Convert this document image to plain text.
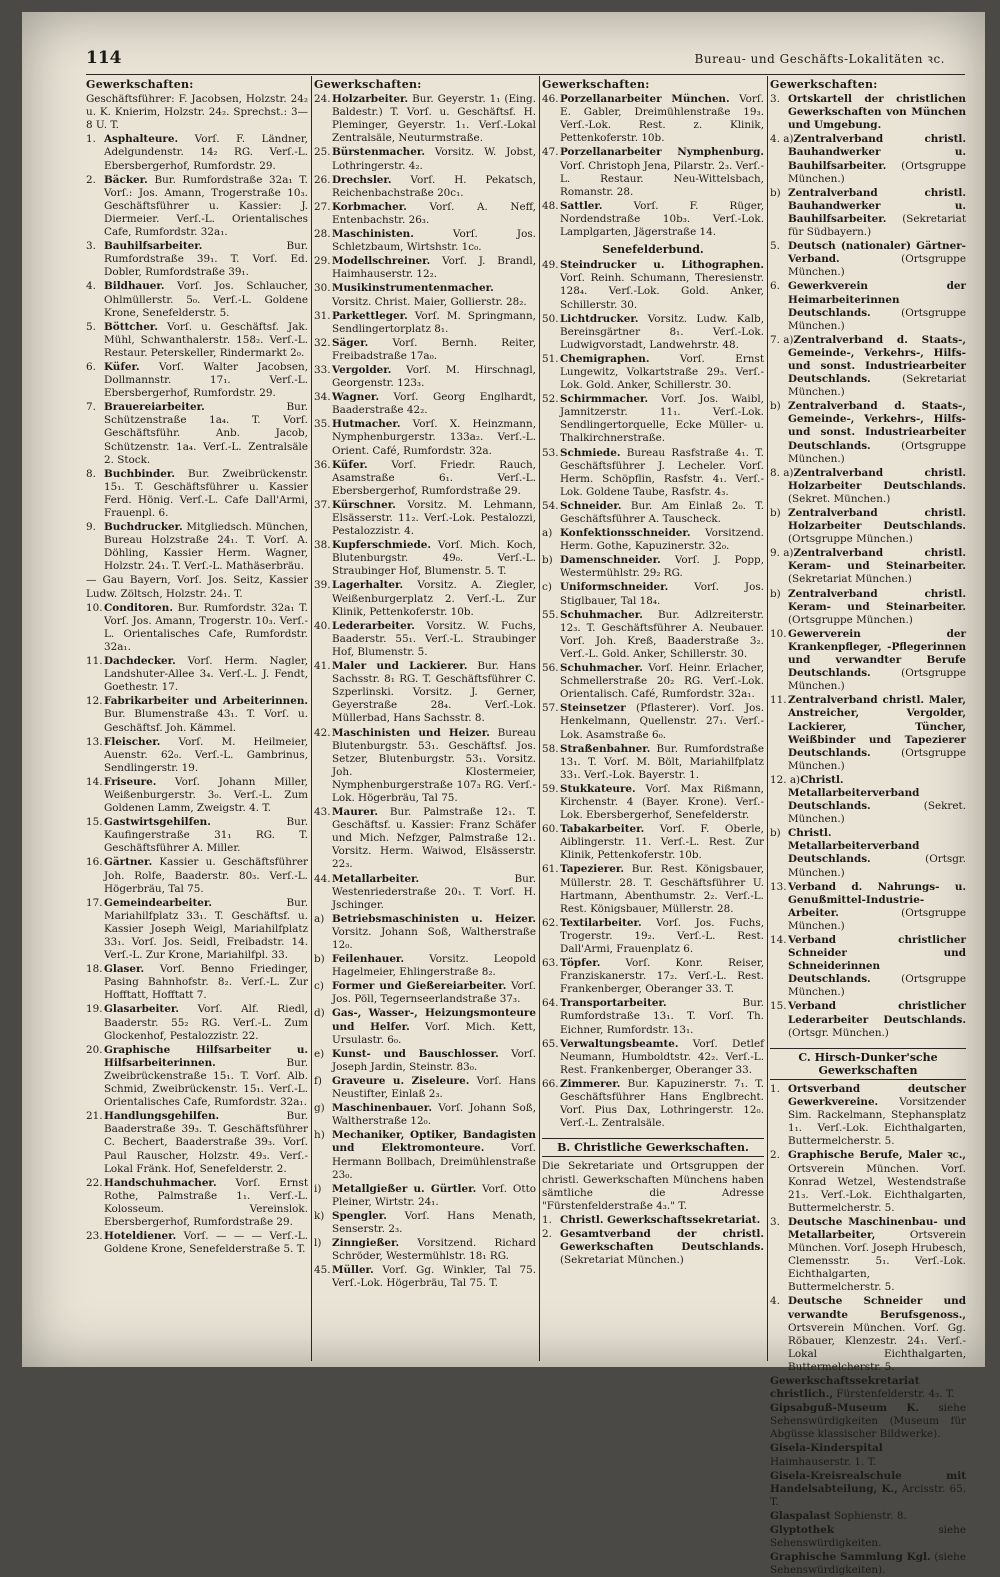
114	Bureau- und Geschäfts-Lokalitäten ꝛc.
Gewerkschaften:
Geschäftsführer: F. Jacobsen, Holzstr. 24₂ u. K. Knierim, Holzstr. 24₂. Sprechst.: 3—8 U. T.
1. Asphalteure. Vorſ. F. Ländner, Adelgundenstr. 14₂ RG. Verſ.-L. Ebersbergerhof, Rumfordstr. 29.
2. Bäcker. Bur. Rumfordstraße 32a₁ T. Vorſ.: Jos. Amann, Trogerstraße 10₃. Geschäftsführer u. Kassier: J. Diermeier. Verſ.-L. Orientalisches Cafe, Rumfordstr. 32a₁.
3. Bauhilfsarbeiter. Bur. Rumfordstraße 39₁. T. Vorſ. Ed. Dobler, Rumfordstraße 39₁.
4. Bildhauer. Vorſ. Jos. Schlaucher, Ohlmüllerstr. 5₀. Verſ.-L. Goldene Krone, Senefelderstr. 5.
5. Böttcher. Vorſ. u. Geschäftsf. Jak. Mühl, Schwanthalerstr. 158₂. Verſ.-L. Restaur. Peterskeller, Rindermarkt 2₀.
6. Küfer. Vorſ. Walter Jacobsen, Dollmannstr. 17₁. Verſ.-L. Ebersbergerhof, Rumfordstr. 29.
7. Brauereiarbeiter. Bur. Schützenstraße 1a₄. T. Vorſ. Geschäftsführ. Anb. Jacob, Schützenstr. 1a₄. Verſ.-L. Zentralsäle 2. Stock.
8. Buchbinder. Bur. Zweibrückenstr. 15₁. T. Geschäftsführer u. Kassier Ferd. Hönig. Verſ.-L. Cafe Dall'Armi, Frauenpl. 6.
9. Buchdrucker. Mitgliedsch. München, Bureau Holzstraße 24₁. T. Vorſ. A. Döhling, Kassier Herm. Wagner, Holzstr. 24₁. T. Verſ.-L. Mathäserbräu.
— Gau Bayern, Vorſ. Jos. Seitz, Kassier Ludw. Zöltsch, Holzstr. 24₁. T.
10.Conditoren. Bur. Rumfordstr. 32a₁ T. Vorſ. Jos. Amann, Trogerstr. 10₃. Verſ.-L. Orientalisches Cafe, Rumfordstr. 32a₁.
11.Dachdecker. Vorſ. Herm. Nagler, Landshuter-Allee 3₄. Verſ.-L. J. Fendt, Goethestr. 17.
12.Fabrikarbeiter und Arbeiterinnen. Bur. Blumenstraße 43₁. T. Vorſ. u. Geschäftsf. Joh. Kämmel.
13.Fleischer. Vorſ. M. Heilmeier, Auenstr. 62₀. Verſ.-L. Gambrinus, Sendlingerstr. 19.
14.Friseure. Vorſ. Johann Miller, Weißenburgerstr. 3₀. Verſ.-L. Zum Goldenen Lamm, Zweigstr. 4. T.
15.Gastwirtsgehilfen. Bur. Kaufingerstraße 31₁ RG. T. Geschäftsführer A. Miller.
16.Gärtner. Kassier u. Geschäftsführer Joh. Rolfe, Baaderstr. 80₃. Verſ.-L. Högerbräu, Tal 75.
17.Gemeindearbeiter. Bur. Mariahilfplatz 33₁. T. Geschäftsf. u. Kassier Joseph Weigl, Mariahilfplatz 33₁. Vorſ. Jos. Seidl, Freibadstr. 14. Verſ.-L. Zur Krone, Mariahilfpl. 33.
18.Glaser. Vorſ. Benno Friedinger, Pasing Bahnhofstr. 8₂. Verſ.-L. Zur Hofftatt, Hofftatt 7.
19.Glasarbeiter. Vorſ. Alf. Riedl, Baaderstr. 55₂ RG. Verſ.-L. Zum Glockenhof, Pestalozzistr. 22.
20.Graphische Hilfsarbeiter u. Hilfsarbeiterinnen. Bur. Zweibrückenstraße 15₁. T. Vorſ. Alb. Schmid, Zweibrückenstr. 15₁. Verſ.-L. Orientalisches Cafe, Rumfordstr. 32a₁.
21.Handlungsgehilfen. Bur. Baaderstraße 39₃. T. Geschäftsführer C. Bechert, Baaderstraße 39₃. Vorſ. Paul Rauscher, Holzstr. 49₃. Verſ.-Lokal Fränk. Hof, Senefelderstr. 2.
22.Handschuhmacher. Vorſ. Ernst Rothe, Palmstraße 1₁. Verſ.-L. Kolosseum. Vereinslok. Ebersbergerhof, Rumfordstraße 29.
23.Hoteldiener. Vorſ. — — — Verſ.-L. Goldene Krone, Senefelderstraße 5. T.
Gewerkschaften:
24.Holzarbeiter. Bur. Geyerstr. 1₁ (Eing. Baldestr.) T. Vorſ. u. Geschäftsf. H. Pleminger, Geyerstr. 1₁. Verſ.-Lokal Zentralsäle, Neuturmstraße.
25.Bürstenmacher. Vorsitz. W. Jobst, Lothringerstr. 4₂.
26.Drechsler. Vorſ. H. Pekatsch, Reichenbachstraße 20c₁.
27.Korbmacher. Vorſ. A. Neff, Entenbachstr. 26₃.
28.Maschinisten. Vorſ. Jos. Schletzbaum, Wirtshstr. 1c₀.
29.Modellschreiner. Vorſ. J. Brandl, Haimhauserstr. 12₂.
30.Musikinstrumentenmacher. Vorsitz. Christ. Maier, Gollierstr. 28₂.
31.Parkettleger. Vorſ. M. Springmann, Sendlingertorplatz 8₁.
32.Säger. Vorſ. Bernh. Reiter, Freibadstraße 17a₀.
33.Vergolder. Vorſ. M. Hirschnagl, Georgenstr. 123₃.
34.Wagner. Vorſ. Georg Englhardt, Baaderstraße 42₂.
35.Hutmacher. Vorſ. X. Heinzmann, Nymphenburgerstr. 133a₂. Verſ.-L. Orient. Café, Rumfordstr. 32a.
36.Küfer. Vorſ. Friedr. Rauch, Asamstraße 6₁. Verſ.-L. Ebersbergerhof, Rumfordstraße 29.
37.Kürschner. Vorsitz. M. Lehmann, Elsässerstr. 11₂. Verſ.-Lok. Pestalozzi, Pestalozzistr. 4.
38.Kupferschmiede. Vorſ. Mich. Koch, Blutenburgstr. 49₀. Verſ.-L. Straubinger Hof, Blumenstr. 5. T.
39.Lagerhalter. Vorsitz. A. Ziegler, Weißenburgerplatz 2. Verſ.-L. Zur Klinik, Pettenkoferstr. 10b.
40.Lederarbeiter. Vorsitz. W. Fuchs, Baaderstr. 55₁. Verſ.-L. Straubinger Hof, Blumenstr. 5.
41.Maler und Lackierer. Bur. Hans Sachsstr. 8₁ RG. T. Geschäftsführer C. Szperlinski. Vorsitz. J. Gerner, Geyerstraße 28₄. Verſ.-Lok. Müllerbad, Hans Sachsstr. 8.
42.Maschinisten und Heizer. Bureau Blutenburgstr. 53₁. Geschäftsf. Jos. Setzer, Blutenburgstr. 53₁. Vorsitz. Joh. Klostermeier, Nymphenburgerstraße 107₃ RG. Verſ.-Lok. Högerbräu, Tal 75.
43.Maurer. Bur. Palmstraße 12₁. T. Geschäftsf. u. Kassier: Franz Schäfer und Mich. Nefzger, Palmstraße 12₁. Vorsitz. Herm. Waiwod, Elsässerstr. 22₃.
44.Metallarbeiter. Bur. Westenriederstraße 20₁. T. Vorſ. H. Jschinger.
a) Betriebsmaschinisten u. Heizer. Vorsitz. Johann Soß, Waltherstraße 12₀.
b) Feilenhauer. Vorsitz. Leopold Hagelmeier, Ehlingerstraße 8₂.
c) Former und Gießereiarbeiter. Vorſ. Jos. Pöll, Tegernseerlandstraße 37₃.
d) Gas-, Wasser-, Heizungsmonteure und Helfer. Vorſ. Mich. Kett, Ursulastr. 6₀.
e) Kunst- und Bauschlosser. Vorſ. Joseph Jardin, Steinstr. 83₀.
f) Graveure u. Ziseleure. Vorſ. Hans Neustifter, Einlaß 2₃.
g) Maschinenbauer. Vorſ. Johann Soß, Waltherstraße 12₀.
h) Mechaniker, Optiker, Bandagisten und Elektromonteure. Vorſ. Hermann Bollbach, Dreimühlenstraße 23₀.
i) Metallgießer u. Gürtler. Vorſ. Otto Pleiner, Wirtstr. 24₁.
k) Spengler. Vorſ. Hans Menath, Senserstr. 2₃.
l) Zinngießer. Vorsitzend. Richard Schröder, Westermühlstr. 18₁ RG.
45.Müller. Vorſ. Gg. Winkler, Tal 75. Verſ.-Lok. Högerbräu, Tal 75. T.
Gewerkschaften:
46.Porzellanarbeiter München. Vorſ. E. Gabler, Dreimühlenstraße 19₃. Verſ.-Lok. Rest. z. Klinik, Pettenkoferstr. 10b.
47.Porzellanarbeiter Nymphenburg. Vorſ. Christoph Jena, Pilarstr. 2₃. Verſ.-L. Restaur. Neu-Wittelsbach, Romanstr. 28.
48.Sattler. Vorſ. F. Rüger, Nordendstraße 10b₃. Verſ.-Lok. Lamplgarten, Jägerstraße 14.
Senefelderbund.
49.Steindrucker u. Lithographen. Vorſ. Reinh. Schumann, Theresienstr. 128₄. Verſ.-Lok. Gold. Anker, Schillerstr. 30.
50.Lichtdrucker. Vorsitz. Ludw. Kalb, Bereinsgärtner 8₁. Verſ.-Lok. Ludwigvorstadt, Landwehrstr. 48.
51.Chemigraphen. Vorſ. Ernst Lungewitz, Volkartstraße 29₃. Verſ.-Lok. Gold. Anker, Schillerstr. 30.
52.Schirmmacher. Vorſ. Jos. Waibl, Jamnitzerstr. 11₁. Verſ.-Lok. Sendlingertorquelle, Ecke Müller- u. Thalkirchnerstraße.
53.Schmiede. Bureau Rasfstraße 4₁. T. Geschäftsführer J. Lecheler. Vorſ. Herm. Schöpflin, Rasfstr. 4₁. Verſ.-Lok. Goldene Taube, Rasfstr. 4₃.
54.Schneider. Bur. Am Einlaß 2₀. T. Geschäftsführer A. Tauscheck.
a) Konfektionsschneider. Vorsitzend. Herm. Gothe, Kapuzinerstr. 32₀.
b) Damenschneider. Vorſ. J. Popp, Westermühlstr. 29₂ RG.
c) Uniformschneider. Vorſ. Jos. Stiglbauer, Tal 18₄.
55.Schuhmacher. Bur. Adlzreiterstr. 12₃. T. Geschäftsführer A. Neubauer. Vorſ. Joh. Kreß, Baaderstraße 3₂. Verſ.-L. Gold. Anker, Schillerstr. 30.
56.Schuhmacher. Vorſ. Heinr. Erlacher, Schmellerstraße 20₂ RG. Verſ.-Lok. Orientalisch. Café, Rumfordstr. 32a₁.
57.Steinsetzer (Pflasterer). Vorſ. Jos. Henkelmann, Quellenstr. 27₁. Verſ.-Lok. Asamstraße 6₀.
58.Straßenbahner. Bur. Rumfordstraße 13₁. T. Vorſ. M. Bölt, Mariahilfplatz 33₁. Verſ.-Lok. Bayerstr. 1.
59.Stukkateure. Vorſ. Max Rißmann, Kirchenstr. 4 (Bayer. Krone). Verſ.-Lok. Ebersbergerhof, Senefelderstr.
60.Tabakarbeiter. Vorſ. F. Oberle, Aiblingerstr. 11. Verſ.-L. Rest. Zur Klinik, Pettenkoferstr. 10b.
61.Tapezierer. Bur. Rest. Königsbauer, Müllerstr. 28. T. Geschäftsführer U. Hartmann, Abenthumstr. 2₂. Verſ.-L. Rest. Königsbauer, Müllerstr. 28.
62.Textilarbeiter. Vorſ. Jos. Fuchs, Trogerstr. 19₂. Verſ.-L. Rest. Dall'Armi, Frauenplatz 6.
63.Töpfer. Vorſ. Konr. Reiser, Franziskanerstr. 17₂. Verſ.-L. Rest. Frankenberger, Oberanger 33. T.
64.Transportarbeiter. Bur. Rumfordstraße 13₁. T. Vorſ. Th. Eichner, Rumfordstr. 13₁.
65.Verwaltungsbeamte. Vorſ. Detlef Neumann, Humboldtstr. 42₂. Verſ.-L. Rest. Frankenberger, Oberanger 33.
66.Zimmerer. Bur. Kapuzinerstr. 7₁. T. Geschäftsführer Hans Englbrecht. Vorſ. Pius Dax, Lothringerstr. 12₀. Verſ.-L. Zentralsäle.
B. Christliche Gewerkschaften.
Die Sekretariate und Ortsgruppen der christl. Gewerkschaften Münchens haben sämtliche die Adresse "Fürstenfelderstraße 4₃." T.
1. Christl. Gewerkschaftssekretariat.
2. Gesamtverband der christl. Gewerkschaften Deutschlands. (Sekretariat München.)
Gewerkschaften:
3. Ortskartell der christlichen Gewerkschaften von München und Umgebung.
4. a)Zentralverband christl. Bauhandwerker u. Bauhilfsarbeiter. (Ortsgruppe München.)
b) Zentralverband christl. Bauhandwerker u. Bauhilfsarbeiter. (Sekretariat für Südbayern.)
5. Deutsch (nationaler) Gärtner-Verband. (Ortsgruppe München.)
6. Gewerkverein der Heimarbeiterinnen Deutschlands. (Ortsgruppe München.)
7. a)Zentralverband d. Staats-, Gemeinde-, Verkehrs-, Hilfs- und sonst. Industriearbeiter Deutschlands. (Sekretariat München.)
b) Zentralverband d. Staats-, Gemeinde-, Verkehrs-, Hilfs- und sonst. Industriearbeiter Deutschlands. (Ortsgruppe München.)
8. a)Zentralverband christl. Holzarbeiter Deutschlands. (Sekret. München.)
b) Zentralverband christl. Holzarbeiter Deutschlands. (Ortsgruppe München.)
9. a)Zentralverband christl. Keram- und Steinarbeiter. (Sekretariat München.)
b) Zentralverband christl. Keram- und Steinarbeiter. (Ortsgruppe München.)
10.Gewerverein der Krankenpfleger, -Pflegerinnen und verwandter Berufe Deutschlands. (Ortsgruppe München.)
11.Zentralverband christl. Maler, Anstreicher, Vergolder, Lackierer, Tüncher, Weißbinder und Tapezierer Deutschlands. (Ortsgruppe München.)
12. a)Christl. Metallarbeiterverband Deutschlands. (Sekret. München.)
b) Christl. Metallarbeiterverband Deutschlands. (Ortsgr. München.)
13.Verband d. Nahrungs- u. Genußmittel-Industrie-Arbeiter. (Ortsgruppe München.)
14.Verband christlicher Schneider und Schneiderinnen Deutschlands. (Ortsgruppe München.)
15.Verband christlicher Lederarbeiter Deutschlands. (Ortsgr. München.)
C. Hirsch-Dunker'sche Gewerkschaften
1. Ortsverband deutscher Gewerkvereine. Vorsitzender Sim. Rackelmann, Stephansplatz 1₁. Verſ.-Lok. Eichthalgarten, Buttermelcherstr. 5.
2. Graphische Berufe, Maler ꝛc., Ortsverein München. Vorſ. Konrad Wetzel, Westendstraße 21₃. Verſ.-Lok. Eichthalgarten, Buttermelcherstr. 5.
3. Deutsche Maschinenbau- und Metallarbeiter, Ortsverein München. Vorſ. Joseph Hrubesch, Clemensstr. 5₁. Verſ.-Lok. Eichthalgarten, Buttermelcherstr. 5.
4. Deutsche Schneider und verwandte Berufsgenoss., Ortsverein München. Vorſ. Gg. Röbauer, Klenzestr. 24₁. Verſ.-Lokal Eichthalgarten, Buttermelcherstr. 5.
Gewerkschaftssekretariat christlich., Fürstenfelderstr. 4₃. T.
Gipsabguß-Museum K. siehe Sehenswürdigkeiten (Museum für Abgüsse klassischer Bildwerke).
Gisela-Kinderspital Haimhauserstr. 1. T.
Gisela-Kreisrealschule mit Handelsabteilung, K., Arcisstr. 65. T.
Glaspalast Sophienstr. 8.
Glyptothek siehe Sehenswürdigkeiten.
Graphische Sammlung Kgl. (siehe Sehenswürdigkeiten).
